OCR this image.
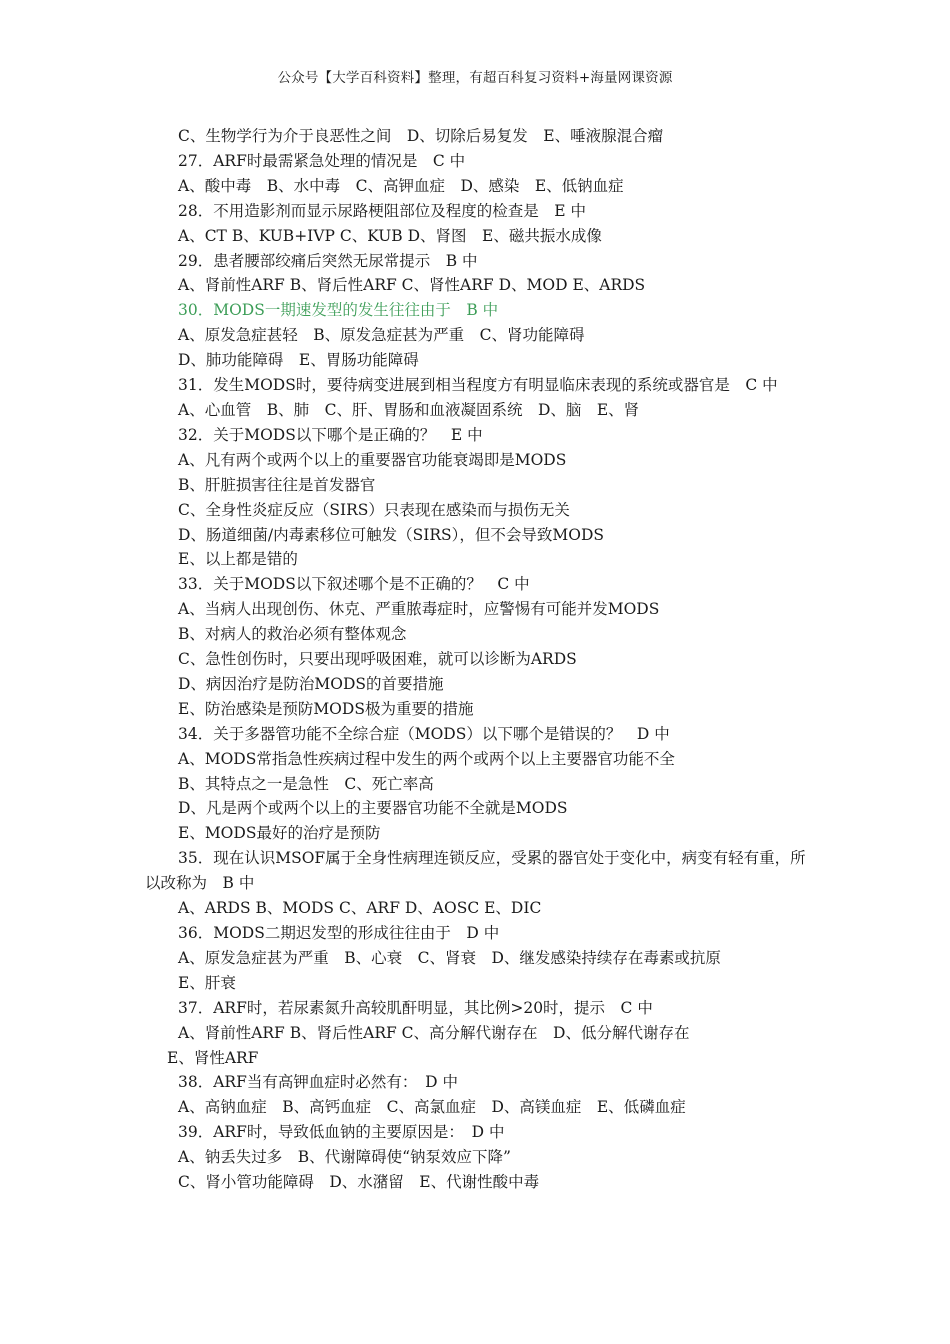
公众号【大学百科资料】整理，有超百科复习资料+海量网课资源
C、生物学行为介于良恶性之间　D、切除后易复发　E、唾液腺混合瘤
27．ARF时最需紧急处理的情况是　C 中
A、酸中毒　B、水中毒　C、高钾血症　D、感染　E、低钠血症
28．不用造影剂而显示尿路梗阻部位及程度的检查是　E 中
A、CT B、KUB+IVP C、KUB D、肾图　E、磁共振水成像
29．患者腰部绞痛后突然无尿常提示　B 中
A、肾前性ARF B、肾后性ARF C、肾性ARF D、MOD E、ARDS
30．MODS一期速发型的发生往往由于　B 中
A、原发急症甚轻　B、原发急症甚为严重　C、肾功能障碍
D、肺功能障碍　E、胃肠功能障碍
31．发生MODS时，要待病变进展到相当程度方有明显临床表现的系统或器官是　C 中
A、心血管　B、肺　C、肝、胃肠和血液凝固系统　D、脑　E、肾
32．关于MODS以下哪个是正确的？　E 中
A、凡有两个或两个以上的重要器官功能衰竭即是MODS
B、肝脏损害往往是首发器官
C、全身性炎症反应（SIRS）只表现在感染而与损伤无关
D、肠道细菌/内毒素移位可触发（SIRS），但不会导致MODS
E、以上都是错的
33．关于MODS以下叙述哪个是不正确的？　C 中
A、当病人出现创伤、休克、严重脓毒症时，应警惕有可能并发MODS
B、对病人的救治必须有整体观念
C、急性创伤时，只要出现呼吸困难，就可以诊断为ARDS
D、病因治疗是防治MODS的首要措施
E、防治感染是预防MODS极为重要的措施
34．关于多器管功能不全综合症（MODS）以下哪个是错误的？　D 中
A、MODS常指急性疾病过程中发生的两个或两个以上主要器官功能不全
B、其特点之一是急性　C、死亡率高
D、凡是两个或两个以上的主要器官功能不全就是MODS
E、MODS最好的治疗是预防
35．现在认识MSOF属于全身性病理连锁反应，受累的器官处于变化中，病变有轻有重，所以改称为　B 中
A、ARDS B、MODS C、ARF D、AOSC E、DIC
36．MODS二期迟发型的形成往往由于　D 中
A、原发急症甚为严重　B、心衰　C、肾衰　D、继发感染持续存在毒素或抗原
E、肝衰
37．ARF时，若尿素氮升高较肌酐明显，其比例>20时，提示　C 中
A、肾前性ARF B、肾后性ARF C、高分解代谢存在　D、低分解代谢存在
E、肾性ARF
38．ARF当有高钾血症时必然有：　D 中
A、高钠血症　B、高钙血症　C、高氯血症　D、高镁血症　E、低磷血症
39．ARF时，导致低血钠的主要原因是：　D 中
A、钠丢失过多　B、代谢障碍使“钠泵效应下降”
C、肾小管功能障碍　D、水潴留　E、代谢性酸中毒
